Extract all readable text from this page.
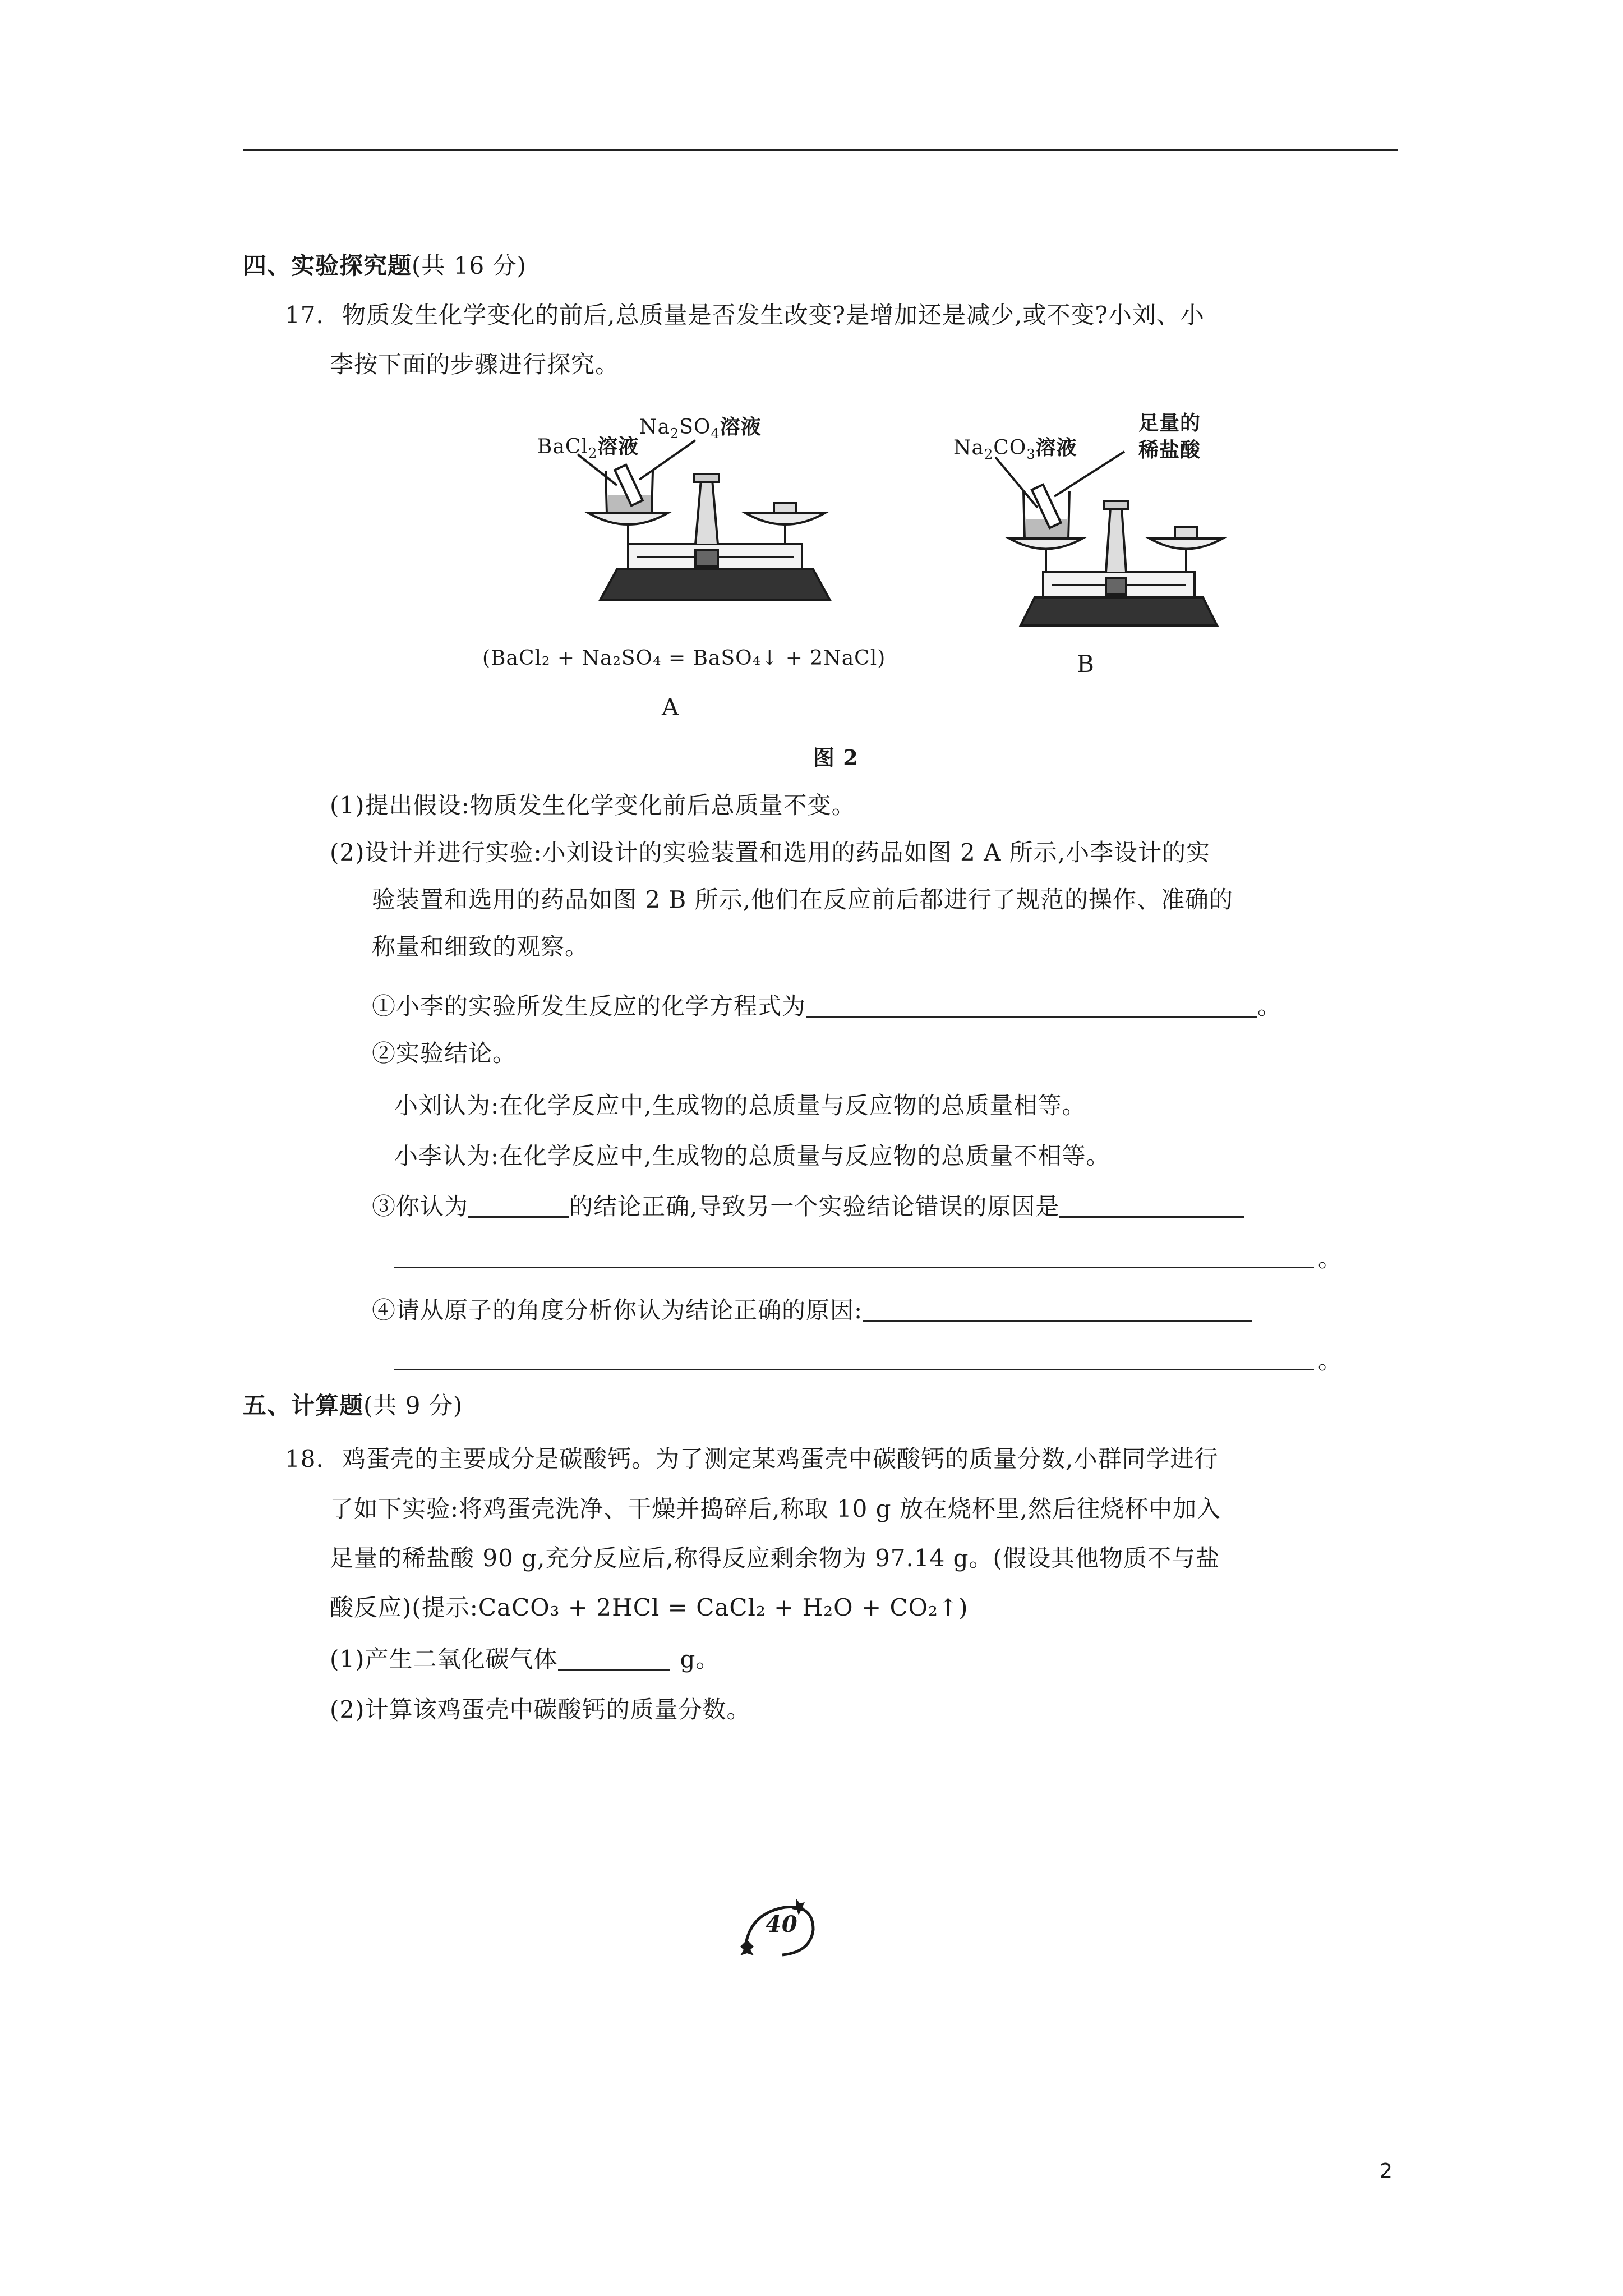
四、实验探究题(共 16 分)
17. 物质发生化学变化的前后,总质量是否发生改变?是增加还是减少,或不变?小刘、小
李按下面的步骤进行探究。
BaCl$_2$溶液
$Na_2SO_4$溶液
(BaCl₂ + Na₂SO₄ = BaSO₄↓ + 2NaCl)
A
$Na_2CO_3$溶液
足量的
稀盐酸
B
图 2
(1)提出假设:物质发生化学变化前后总质量不变。
(2)设计并进行实验:小刘设计的实验装置和选用的药品如图 2 A 所示,小李设计的实
验装置和选用的药品如图 2 B 所示,他们在反应前后都进行了规范的操作、准确的
称量和细致的观察。
①小李的实验所发生反应的化学方程式为	。
②实验结论。
小刘认为:在化学反应中,生成物的总质量与反应物的总质量相等。
小李认为:在化学反应中,生成物的总质量与反应物的总质量不相等。
③你认为	的结论正确,导致另一个实验结论错误的原因是
。
④请从原子的角度分析你认为结论正确的原因:
。
五、计算题(共 9 分)
18. 鸡蛋壳的主要成分是碳酸钙。为了测定某鸡蛋壳中碳酸钙的质量分数,小群同学进行
了如下实验:将鸡蛋壳洗净、干燥并捣碎后,称取 10 g 放在烧杯里,然后往烧杯中加入
足量的稀盐酸 90 g,充分反应后,称得反应剩余物为 97.14 g。(假设其他物质不与盐
酸反应)(提示:CaCO₃ + 2HCl = CaCl₂ + H₂O + CO₂↑)
(1)产生二氧化碳气体	g。
(2)计算该鸡蛋壳中碳酸钙的质量分数。
40
2
